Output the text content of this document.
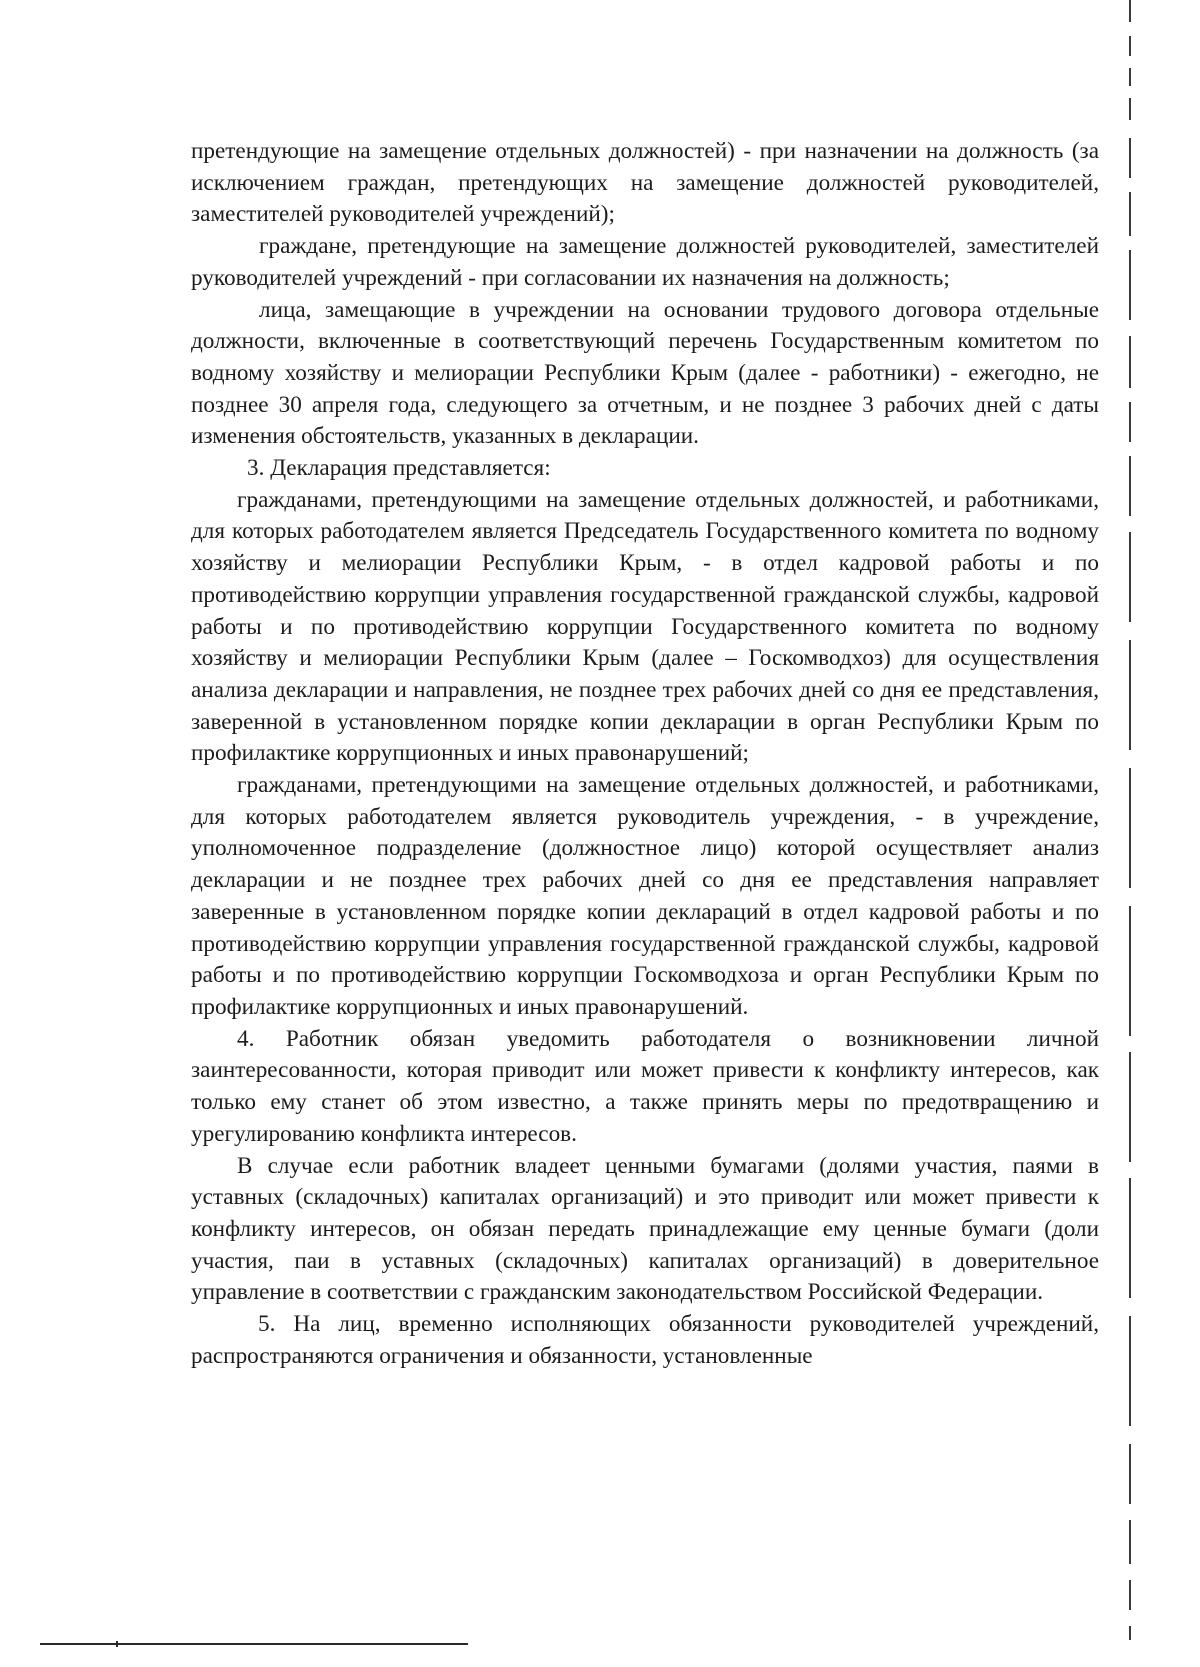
претендующие на замещение отдельных должностей) - при назначении на должность (за исключением граждан, претендующих на замещение должностей руководителей, заместителей руководителей учреждений);

граждане, претендующие на замещение должностей руководителей, заместителей руководителей учреждений - при согласовании их назначения на должность;

лица, замещающие в учреждении на основании трудового договора отдельные должности, включенные в соответствующий перечень Государственным комитетом по водному хозяйству и мелиорации Республики Крым (далее - работники) - ежегодно, не позднее 30 апреля года, следующего за отчетным, и не позднее 3 рабочих дней с даты изменения обстоятельств, указанных в декларации.

3. Декларация представляется:

гражданами, претендующими на замещение отдельных должностей, и работниками, для которых работодателем является Председатель Государственного комитета по водному хозяйству и мелиорации Республики Крым, - в отдел кадровой работы и по противодействию коррупции управления государственной гражданской службы, кадровой работы и по противодействию коррупции Государственного комитета по водному хозяйству и мелиорации Республики Крым (далее – Госкомводхоз) для осуществления анализа декларации и направления, не позднее трех рабочих дней со дня ее представления, заверенной в установленном порядке копии декларации в орган Республики Крым по профилактике коррупционных и иных правонарушений;

гражданами, претендующими на замещение отдельных должностей, и работниками, для которых работодателем является руководитель учреждения, - в учреждение, уполномоченное подразделение (должностное лицо) которой осуществляет анализ декларации и не позднее трех рабочих дней со дня ее представления направляет заверенные в установленном порядке копии деклараций в отдел кадровой работы и по противодействию коррупции управления государственной гражданской службы, кадровой работы и по противодействию коррупции Госкомводхоза и орган Республики Крым по профилактике коррупционных и иных правонарушений.

4. Работник обязан уведомить работодателя о возникновении личной заинтересованности, которая приводит или может привести к конфликту интересов, как только ему станет об этом известно, а также принять меры по предотвращению и урегулированию конфликта интересов.

В случае если работник владеет ценными бумагами (долями участия, паями в уставных (складочных) капиталах организаций) и это приводит или может привести к конфликту интересов, он обязан передать принадлежащие ему ценные бумаги (доли участия, паи в уставных (складочных) капиталах организаций) в доверительное управление в соответствии с гражданским законодательством Российской Федерации.

5. На лиц, временно исполняющих обязанности руководителей учреждений, распространяются ограничения и обязанности, установленные
